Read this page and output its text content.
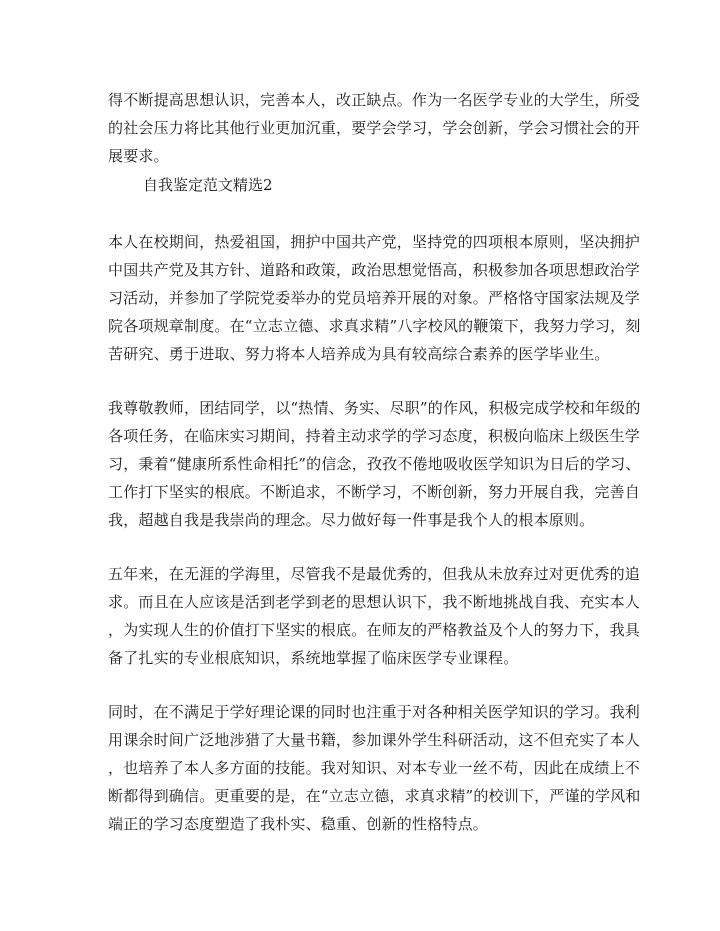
得不断提高思想认识，完善本人，改正缺点。作为一名医学专业的大学生，所受
的社会压力将比其他行业更加沉重，要学会学习，学会创新，学会习惯社会的开
展要求。
自我鉴定范文精选2
本人在校期间，热爱祖国，拥护中国共产党，坚持党的四项根本原则，坚决拥护
中国共产党及其方针、道路和政策，政治思想觉悟高，积极参加各项思想政治学
习活动，并参加了学院党委举办的党员培养开展的对象。严格恪守国家法规及学
院各项规章制度。在“立志立德、求真求精”八字校风的鞭策下，我努力学习，刻
苦研究、勇于进取、努力将本人培养成为具有较高综合素养的医学毕业生。
我尊敬教师，团结同学，以“热情、务实、尽职”的作风，积极完成学校和年级的
各项任务，在临床实习期间，持着主动求学的学习态度，积极向临床上级医生学
习，秉着“健康所系性命相托”的信念，孜孜不倦地吸收医学知识为日后的学习、
工作打下坚实的根底。不断追求，不断学习，不断创新，努力开展自我，完善自
我，超越自我是我崇尚的理念。尽力做好每一件事是我个人的根本原则。
五年来，在无涯的学海里，尽管我不是最优秀的，但我从未放弃过对更优秀的追
求。而且在人应该是活到老学到老的思想认识下，我不断地挑战自我、充实本人
，为实现人生的价值打下坚实的根底。在师友的严格教益及个人的努力下，我具
备了扎实的专业根底知识，系统地掌握了临床医学专业课程。
同时，在不满足于学好理论课的同时也注重于对各种相关医学知识的学习。我利
用课余时间广泛地涉猎了大量书籍，参加课外学生科研活动，这不但充实了本人
，也培养了本人多方面的技能。我对知识、对本专业一丝不苟，因此在成绩上不
断都得到确信。更重要的是，在“立志立德，求真求精”的校训下，严谨的学风和
端正的学习态度塑造了我朴实、稳重、创新的性格特点。
